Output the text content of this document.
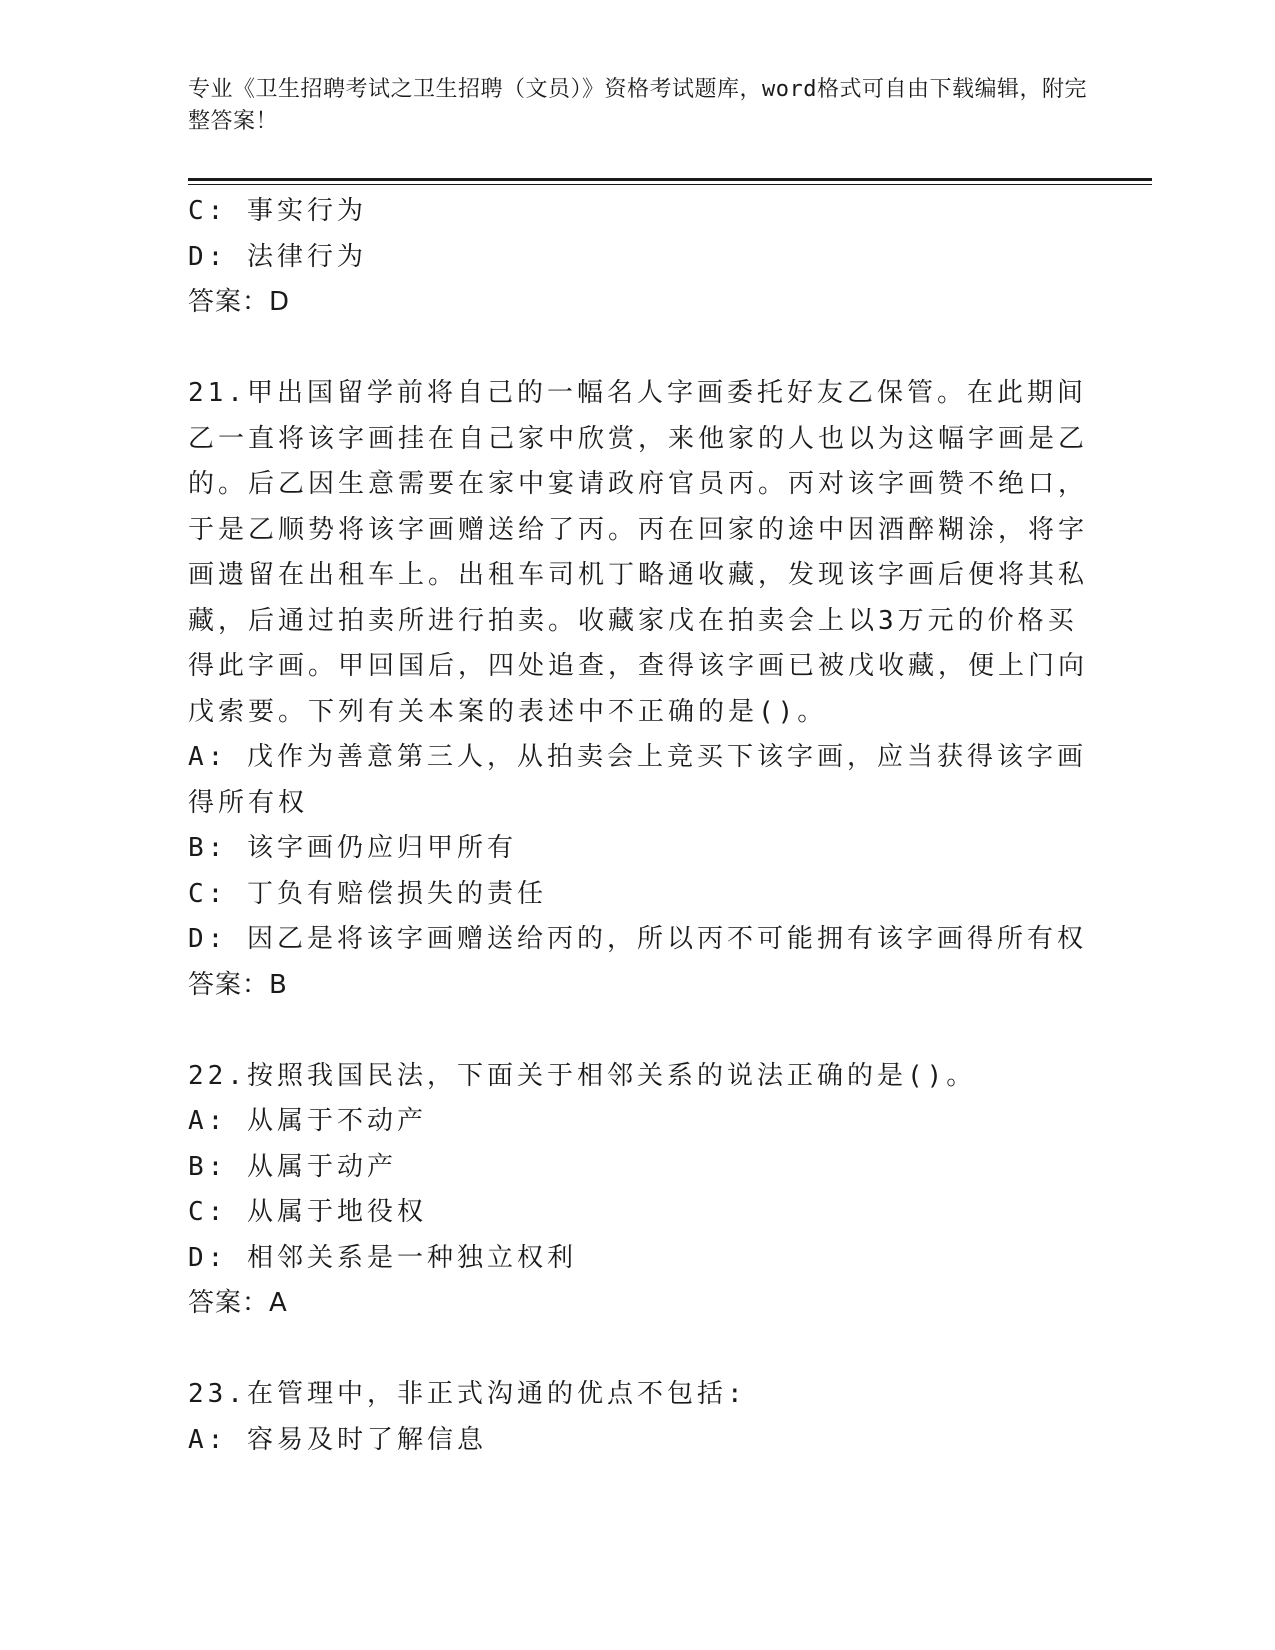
专业《卫生招聘考试之卫生招聘（文员）》资格考试题库，word格式可自由下载编辑，附完整答案！
C: 事实行为
D: 法律行为
答案：D
21.甲出国留学前将自己的一幅名人字画委托好友乙保管。在此期间乙一直将该字画挂在自己家中欣赏，来他家的人也以为这幅字画是乙的。后乙因生意需要在家中宴请政府官员丙。丙对该字画赞不绝口，于是乙顺势将该字画赠送给了丙。丙在回家的途中因酒醉糊涂，将字画遗留在出租车上。出租车司机丁略通收藏，发现该字画后便将其私藏，后通过拍卖所进行拍卖。收藏家戊在拍卖会上以3万元的价格买得此字画。甲回国后，四处追查，查得该字画已被戊收藏，便上门向戊索要。下列有关本案的表述中不正确的是()。
A: 戊作为善意第三人，从拍卖会上竞买下该字画，应当获得该字画得所有权
B: 该字画仍应归甲所有
C: 丁负有赔偿损失的责任
D: 因乙是将该字画赠送给丙的，所以丙不可能拥有该字画得所有权
答案：B
22.按照我国民法，下面关于相邻关系的说法正确的是()。
A: 从属于不动产
B: 从属于动产
C: 从属于地役权
D: 相邻关系是一种独立权利
答案：A
23.在管理中，非正式沟通的优点不包括:
A: 容易及时了解信息
